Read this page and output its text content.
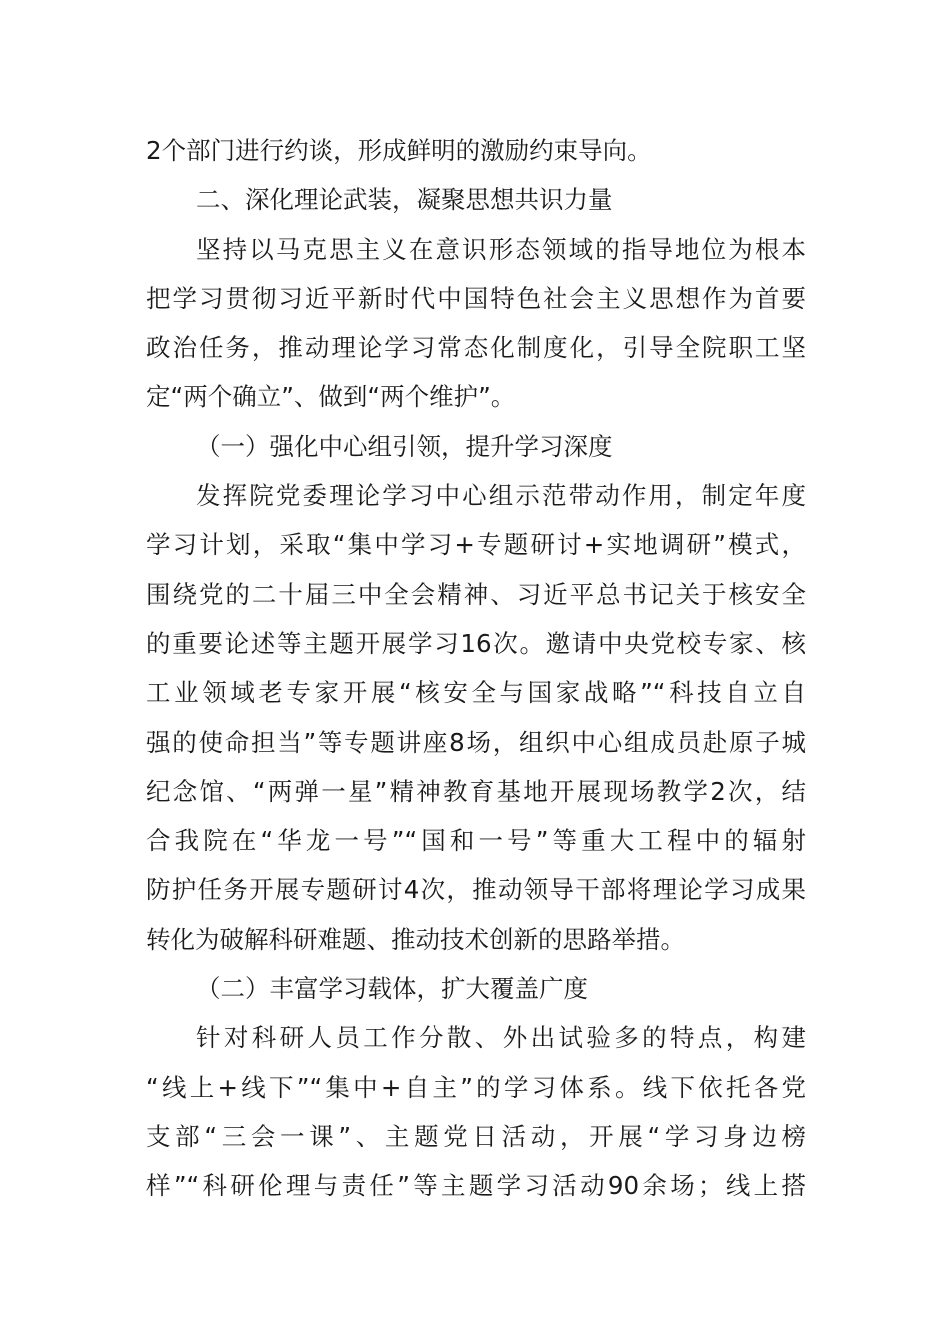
2个部门进行约谈，形成鲜明的激励约束导向。
二、深化理论武装，凝聚思想共识力量
坚持以马克思主义在意识形态领域的指导地位为根本
把学习贯彻习近平新时代中国特色社会主义思想作为首要
政治任务，推动理论学习常态化制度化，引导全院职工坚
定“两个确立”、做到“两个维护”。
（一）强化中心组引领，提升学习深度
发挥院党委理论学习中心组示范带动作用，制定年度
学习计划，采取“集中学习+专题研讨+实地调研”模式，
围绕党的二十届三中全会精神、习近平总书记关于核安全
的重要论述等主题开展学习16次。邀请中央党校专家、核
工业领域老专家开展“核安全与国家战略”“科技自立自
强的使命担当”等专题讲座8场，组织中心组成员赴原子城
纪念馆、“两弹一星”精神教育基地开展现场教学2次，结
合我院在“华龙一号”“国和一号”等重大工程中的辐射
防护任务开展专题研讨4次，推动领导干部将理论学习成果
转化为破解科研难题、推动技术创新的思路举措。
（二）丰富学习载体，扩大覆盖广度
针对科研人员工作分散、外出试验多的特点，构建
“线上+线下”“集中+自主”的学习体系。线下依托各党
支部“三会一课”、主题党日活动，开展“学习身边榜
样”“科研伦理与责任”等主题学习活动90余场；线上搭
